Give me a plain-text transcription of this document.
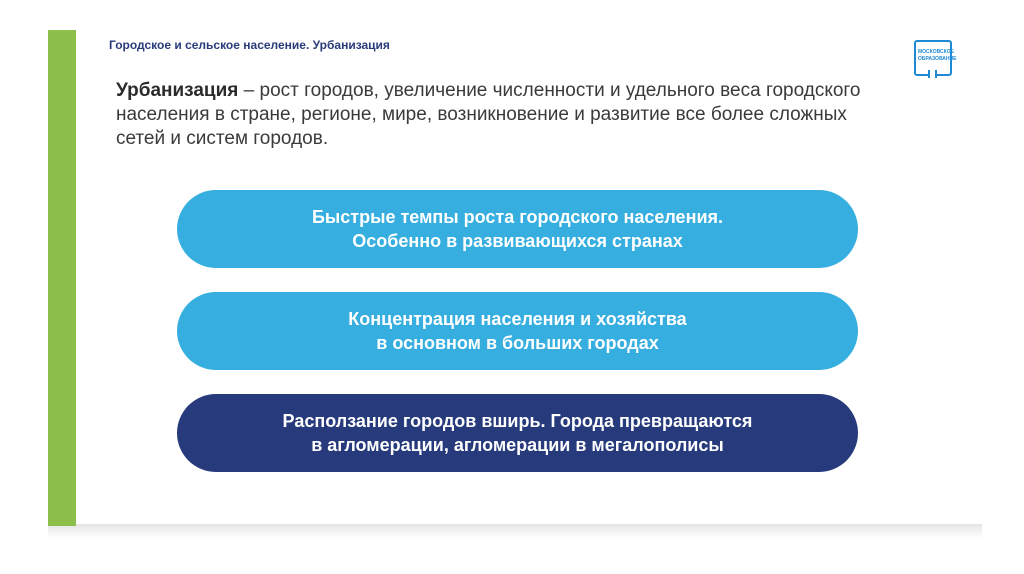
Городское и сельское население. Урбанизация	МОСКОВСКОЕ
ОБРАЗОВАНИЕ
Урбанизация – рост городов, увеличение численности и удельного веса городского населения в стране, регионе, мире, возникновение и развитие все более сложных сетей и систем городов.
Быстрые темпы роста городского населения.
Особенно в развивающихся странах
Концентрация населения и хозяйства
в основном в больших городах
Расползание городов вширь. Города превращаются
в агломерации, агломерации в мегалополисы
